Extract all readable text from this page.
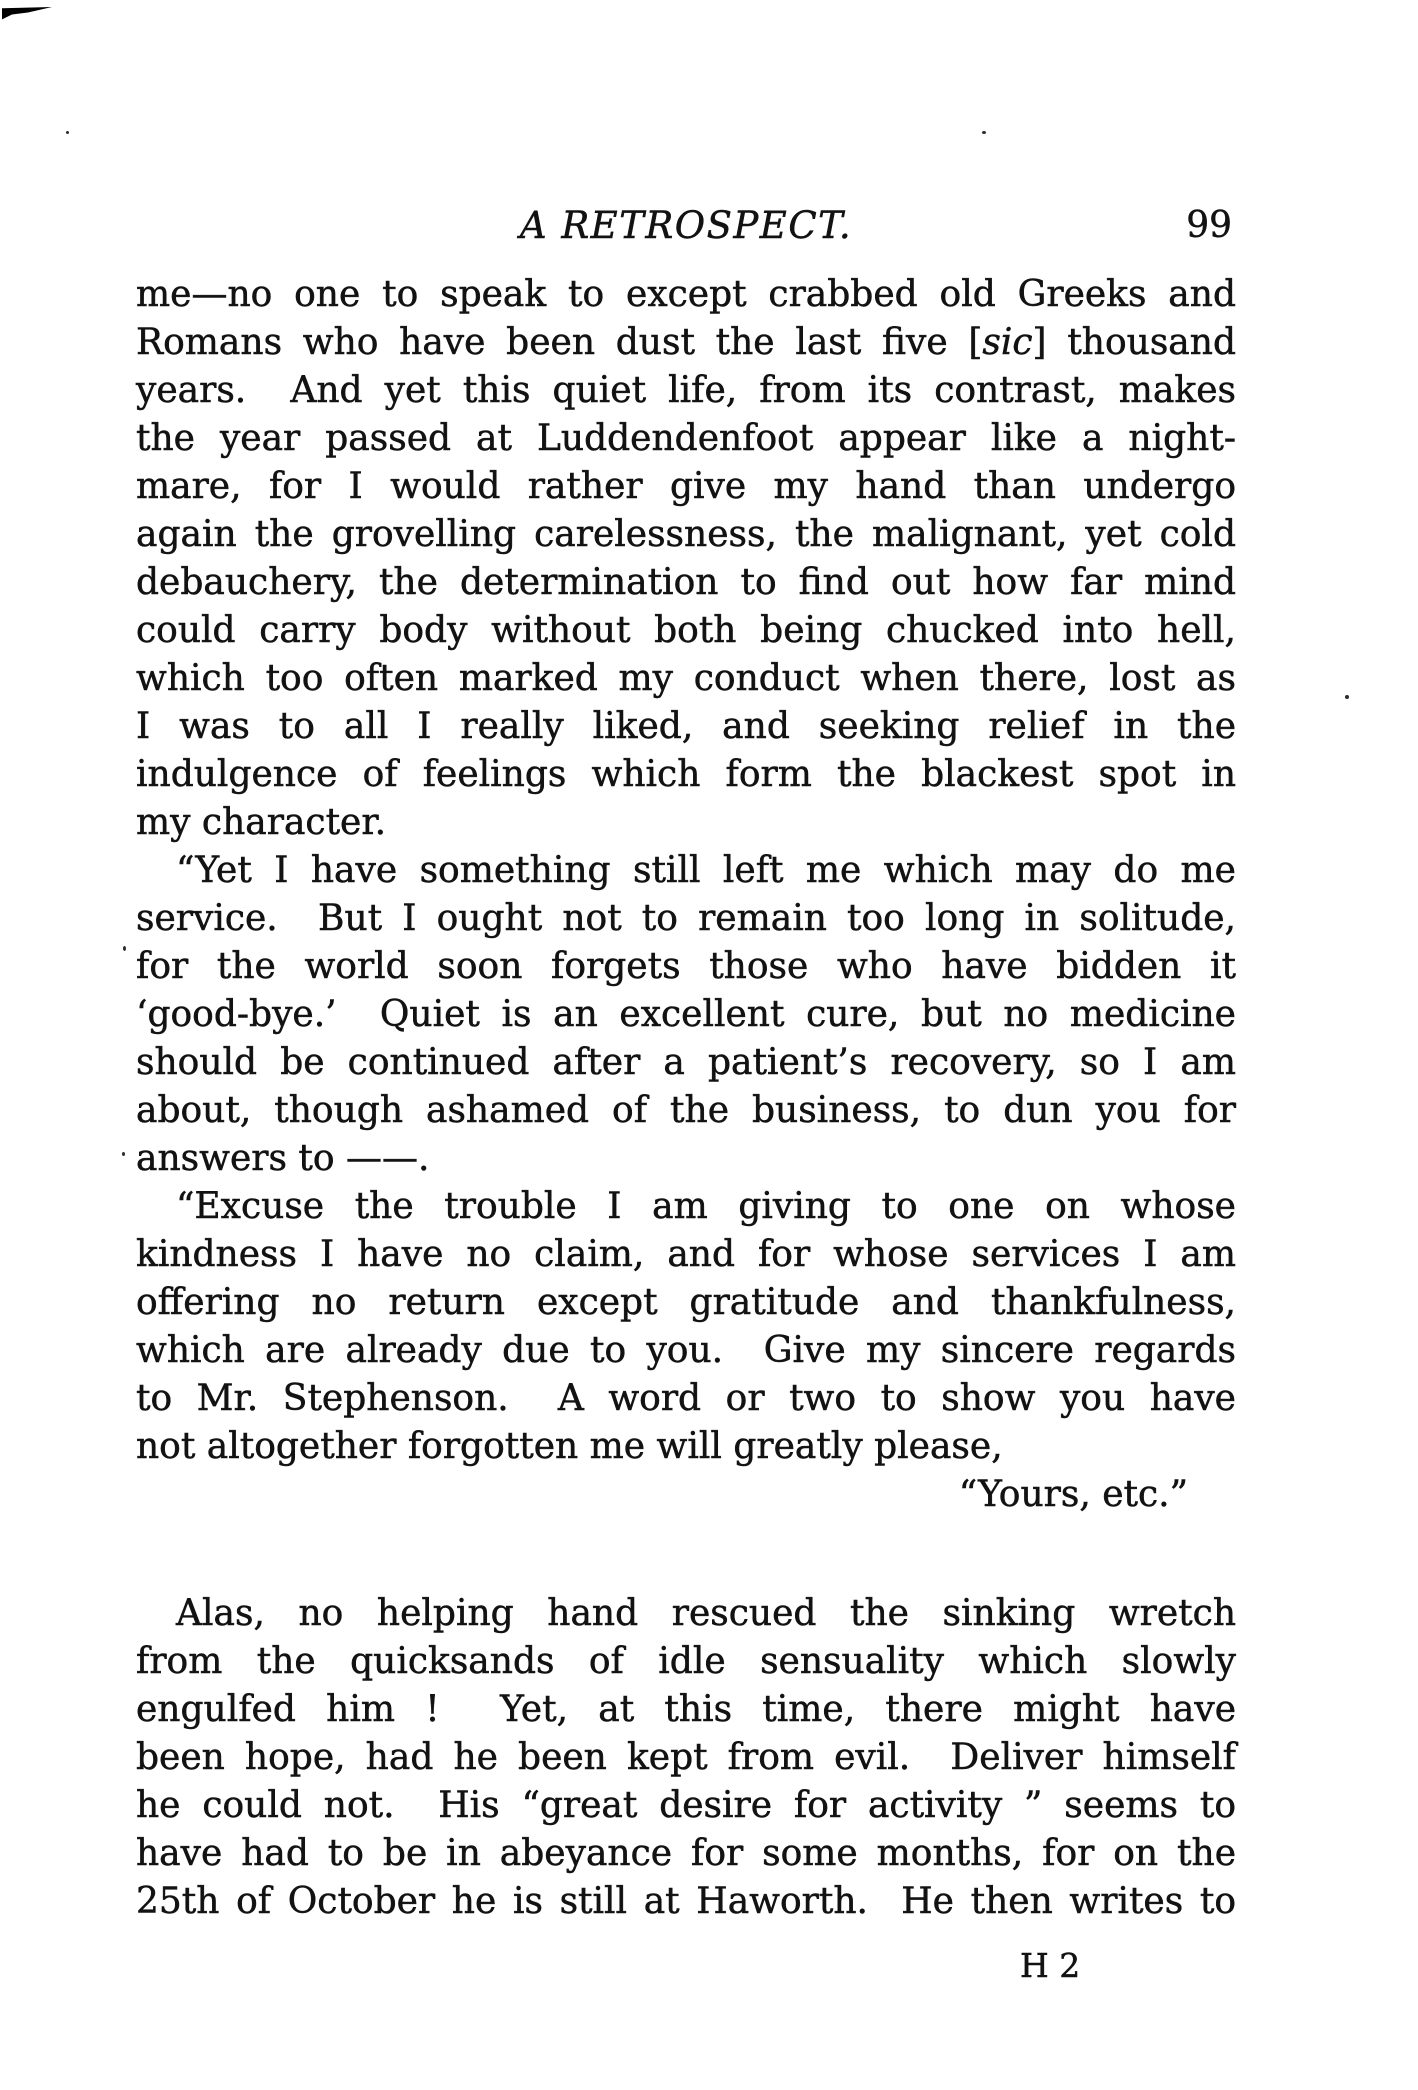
A RETROSPECT.	99
me—no one to speak to except crabbed old Greeks and
Romans who have been dust the last five [sic] thousand
years.  And yet this quiet life, from its contrast, makes
the year passed at Luddendenfoot appear like a night-
mare, for I would rather give my hand than undergo
again the grovelling carelessness, the malignant, yet cold
debauchery, the determination to find out how far mind
could carry body without both being chucked into hell,
which too often marked my conduct when there, lost as
I was to all I really liked, and seeking relief in the
indulgence of feelings which form the blackest spot in
my character.
“Yet I have something still left me which may do me
service.  But I ought not to remain too long in solitude,
for the world soon forgets those who have bidden it
‘good-bye.’  Quiet is an excellent cure, but no medicine
should be continued after a patient’s recovery, so I am
about, though ashamed of the business, to dun you for
answers to ——.
“Excuse the trouble I am giving to one on whose
kindness I have no claim, and for whose services I am
offering no return except gratitude and thankfulness,
which are already due to you.  Give my sincere regards
to Mr. Stephenson.  A word or two to show you have
not altogether forgotten me will greatly please,
“Yours, etc.”
Alas, no helping hand rescued the sinking wretch
from the quicksands of idle sensuality which slowly
engulfed him !  Yet, at this time, there might have
been hope, had he been kept from evil.  Deliver himself
he could not.  His “great desire for activity ” seems to
have had to be in abeyance for some months, for on the
25th of October he is still at Haworth.  He then writes to
H 2
